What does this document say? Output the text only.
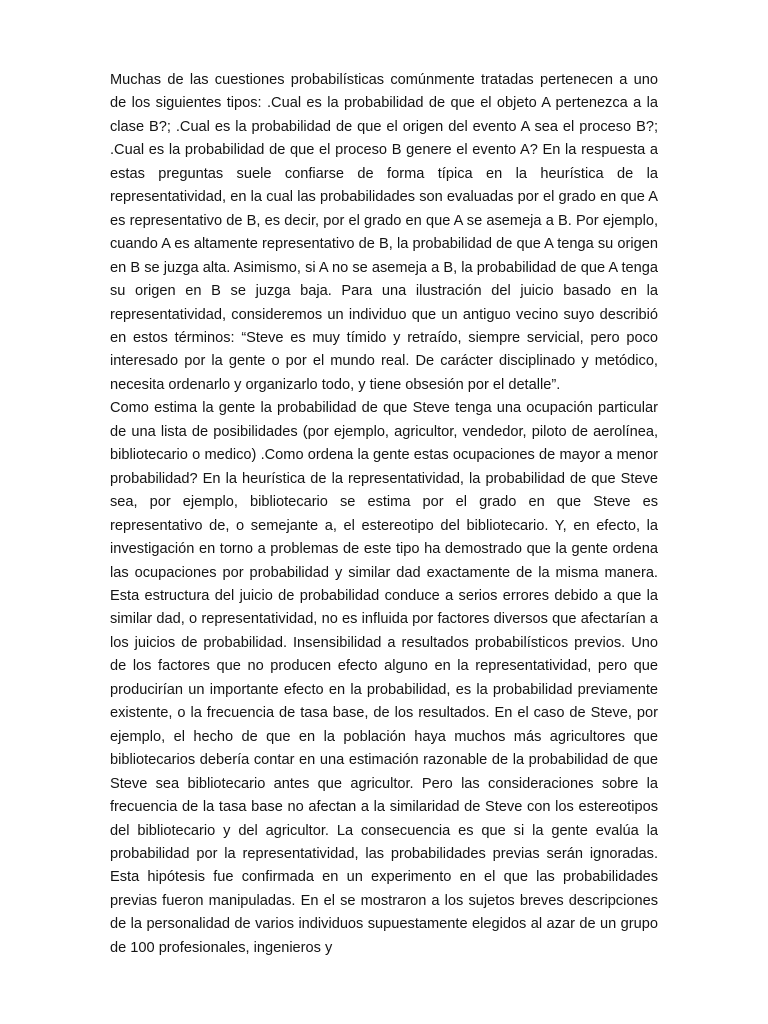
Muchas de las cuestiones probabilísticas comúnmente tratadas pertenecen a uno de los siguientes tipos: .Cual es la probabilidad de que el objeto A pertenezca a la clase B?; .Cual es la probabilidad de que el origen del evento A sea el proceso B?; .Cual es la probabilidad de que el proceso B genere el evento A? En la respuesta a estas preguntas suele confiarse de forma típica en la heurística de la representatividad, en la cual las probabilidades son evaluadas por el grado en que A es representativo de B, es decir, por el grado en que A se asemeja a B. Por ejemplo, cuando A es altamente representativo de B, la probabilidad de que A tenga su origen en B se juzga alta. Asimismo, si A no se asemeja a B, la probabilidad de que A tenga su origen en B se juzga baja. Para una ilustración del juicio basado en la representatividad, consideremos un individuo que un antiguo vecino suyo describió en estos términos: “Steve es muy tímido y retraído, siempre servicial, pero poco interesado por la gente o por el mundo real. De carácter disciplinado y metódico, necesita ordenarlo y organizarlo todo, y tiene obsesión por el detalle”.

Como estima la gente la probabilidad de que Steve tenga una ocupación particular de una lista de posibilidades (por ejemplo, agricultor, vendedor, piloto de aerolínea, bibliotecario o medico) .Como ordena la gente estas ocupaciones de mayor a menor probabilidad? En la heurística de la representatividad, la probabilidad de que Steve sea, por ejemplo, bibliotecario se estima por el grado en que Steve es representativo de, o semejante a, el estereotipo del bibliotecario. Y, en efecto, la investigación en torno a problemas de este tipo ha demostrado que la gente ordena las ocupaciones por probabilidad y similar dad exactamente de la misma manera. Esta estructura del juicio de probabilidad conduce a serios errores debido a que la similar dad, o representatividad, no es influida por factores diversos que afectarían a los juicios de probabilidad. Insensibilidad a resultados probabilísticos previos. Uno de los factores que no producen efecto alguno en la representatividad, pero que producirían un importante efecto en la probabilidad, es la probabilidad previamente existente, o la frecuencia de tasa base, de los resultados. En el caso de Steve, por ejemplo, el hecho de que en la población haya muchos más agricultores que bibliotecarios debería contar en una estimación razonable de la probabilidad de que Steve sea bibliotecario antes que agricultor. Pero las consideraciones sobre la frecuencia de la tasa base no afectan a la similaridad de Steve con los estereotipos del bibliotecario y del agricultor. La consecuencia es que si la gente evalúa la probabilidad por la representatividad, las probabilidades previas serán ignoradas. Esta hipótesis fue confirmada en un experimento en el que las probabilidades previas fueron manipuladas. En el se mostraron a los sujetos breves descripciones de la personalidad de varios individuos supuestamente elegidos al azar de un grupo de 100 profesionales, ingenieros y
